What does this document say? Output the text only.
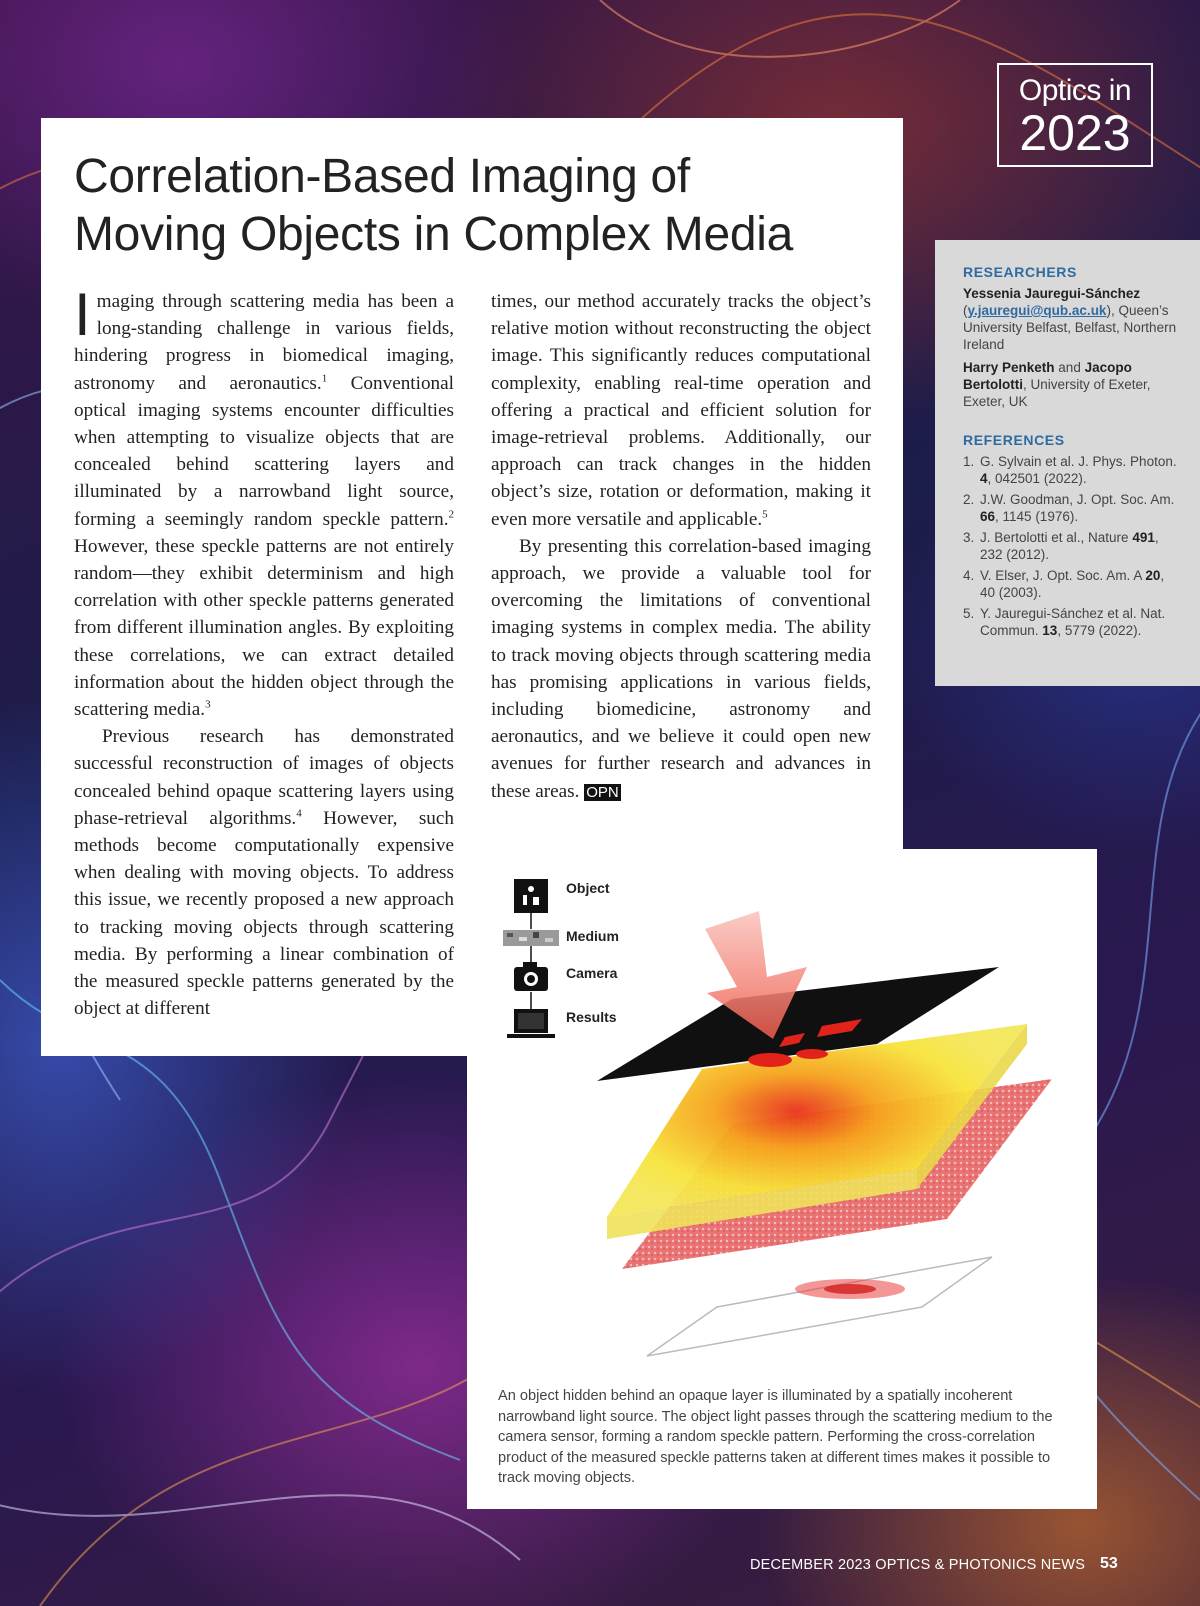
Optics in
2023
Correlation-Based Imaging of Moving Objects in Complex Media

Imaging through scattering media has been a long-standing challenge in various fields, hindering progress in biomedical imaging, astronomy and aeronautics.$^1$ Conventional optical imaging systems encounter difficulties when attempting to visualize objects that are concealed behind scattering layers and illuminated by a narrowband light source, forming a seemingly random speckle pattern.$^2$ However, these speckle patterns are not entirely random—they exhibit determinism and high correlation with other speckle patterns generated from different illumination angles. By exploiting these correlations, we can extract detailed information about the hidden object through the scattering media.$^3$

Previous research has demonstrated successful reconstruction of images of objects concealed behind opaque scattering layers using phase-retrieval algorithms.$^4$ However, such methods become computationally expensive when dealing with moving objects. To address this issue, we recently proposed a new approach to tracking moving objects through scattering media. By performing a linear combination of the measured speckle patterns generated by the object at different

times, our method accurately tracks the object’s relative motion without reconstructing the object image. This significantly reduces computational complexity, enabling real-time operation and offering a practical and efficient solution for image-retrieval problems. Additionally, our approach can track changes in the hidden object’s size, rotation or deformation, making it even more versatile and applicable.$^5$

By presenting this correlation-based imaging approach, we provide a valuable tool for overcoming the limitations of conventional imaging systems in complex media. The ability to track moving objects through scattering media has promising applications in various fields, including biomedicine, astronomy and aeronautics, and we believe it could open new avenues for further research and advances in these areas. OPN

RESEARCHERS
Yessenia Jauregui-Sánchez
(y.jauregui@qub.ac.uk), Queen’s University Belfast, Belfast, Northern Ireland
Harry Penketh and Jacopo Bertolotti, University of Exeter, Exeter, UK
REFERENCES
1. G. Sylvain et al. J. Phys. Photon. 4, 042501 (2022).
2. J.W. Goodman, J. Opt. Soc. Am. 66, 1145 (1976).
3. J. Bertolotti et al., Nature 491, 232 (2012).
4. V. Elser, J. Opt. Soc. Am. A 20, 40 (2003).
5. Y. Jauregui-Sánchez et al. Nat. Commun. 13, 5779 (2022).
Object
Medium
Camera
Results

An object hidden behind an opaque layer is illuminated by a spatially incoherent narrowband light source. The object light passes through the scattering medium to the camera sensor, forming a random speckle pattern. Performing the cross-correlation product of the measured speckle patterns taken at different times makes it possible to track moving objects.

DECEMBER 2023 OPTICS & PHOTONICS NEWS 53
